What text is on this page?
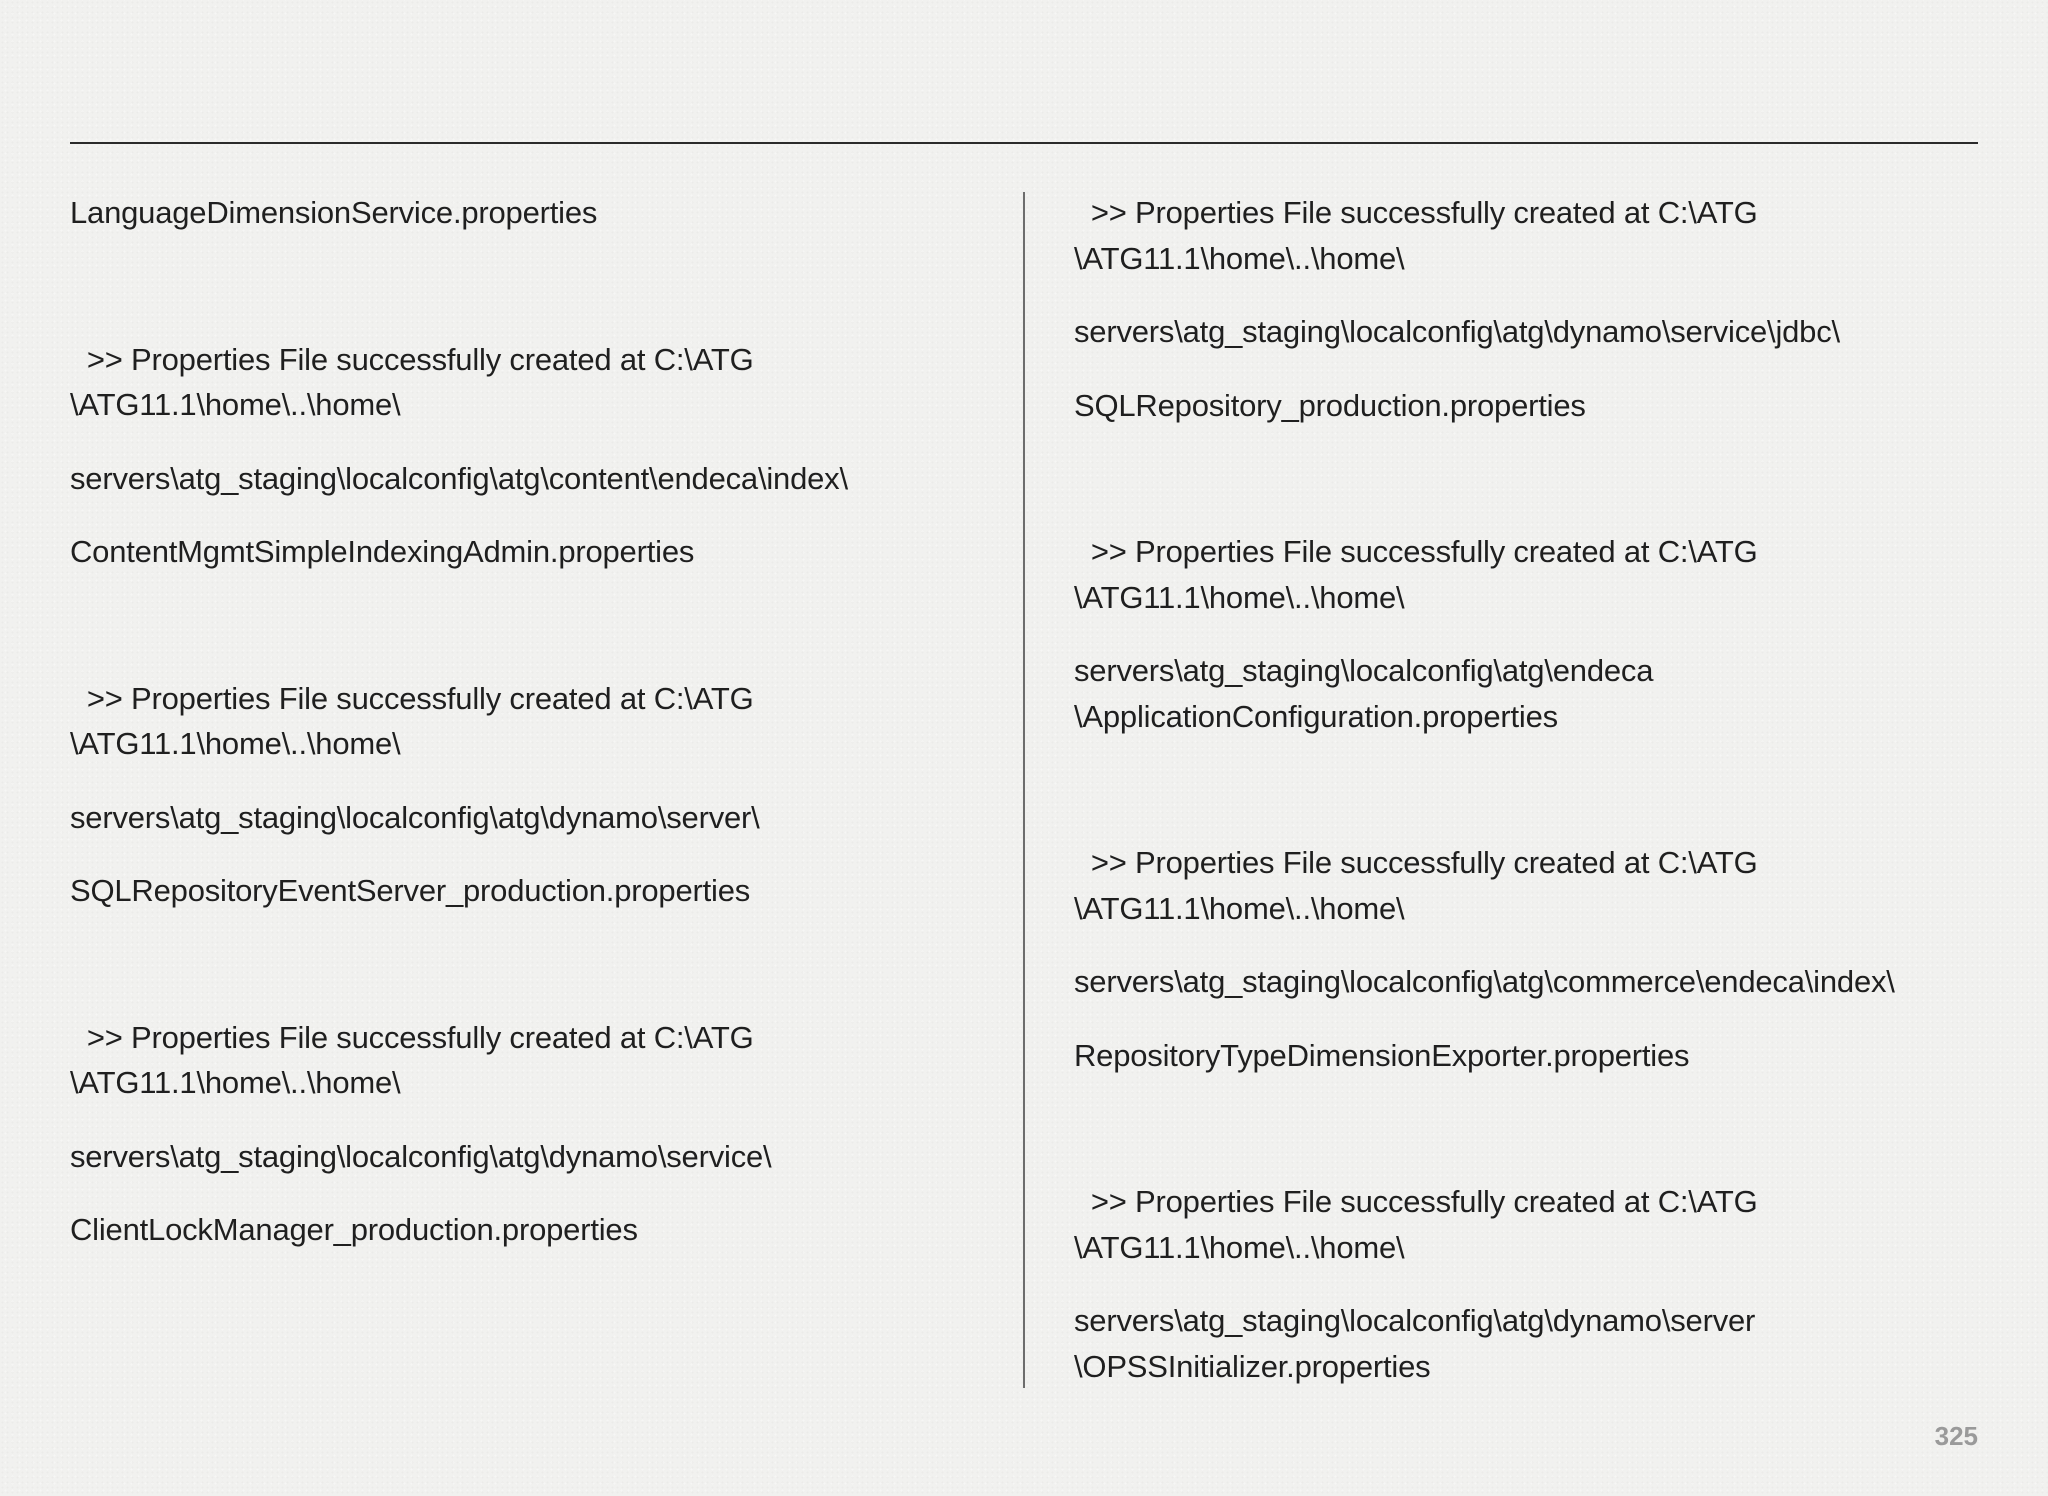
LanguageDimensionService.properties

>> Properties File successfully created at C:\ATG

\ATG11.1\home\..\home\

servers\atg_staging\localconfig\atg\content\endeca\index\

ContentMgmtSimpleIndexingAdmin.properties

>> Properties File successfully created at C:\ATG

\ATG11.1\home\..\home\

servers\atg_staging\localconfig\atg\dynamo\server\

SQLRepositoryEventServer_production.properties

>> Properties File successfully created at C:\ATG

\ATG11.1\home\..\home\

servers\atg_staging\localconfig\atg\dynamo\service\

ClientLockManager_production.properties

>> Properties File successfully created at C:\ATG

\ATG11.1\home\..\home\

servers\atg_staging\localconfig\atg\dynamo\service\jdbc\

SQLRepository_production.properties

>> Properties File successfully created at C:\ATG

\ATG11.1\home\..\home\

servers\atg_staging\localconfig\atg\endeca

\ApplicationConfiguration.properties

>> Properties File successfully created at C:\ATG

\ATG11.1\home\..\home\

servers\atg_staging\localconfig\atg\commerce\endeca\index\

RepositoryTypeDimensionExporter.properties

>> Properties File successfully created at C:\ATG

\ATG11.1\home\..\home\

servers\atg_staging\localconfig\atg\dynamo\server

\OPSSInitializer.properties

325
